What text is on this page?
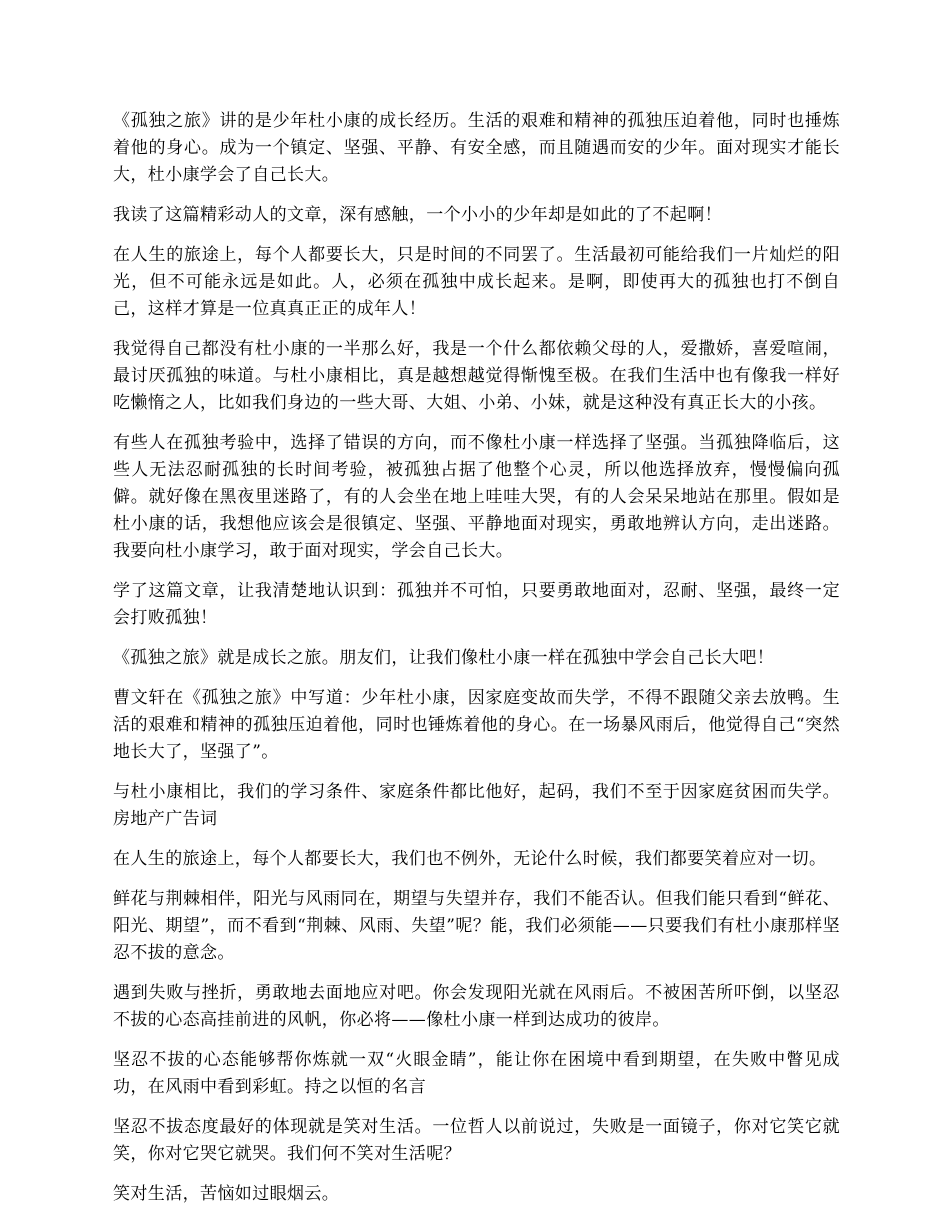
《孤独之旅》讲的是少年杜小康的成长经历。生活的艰难和精神的孤独压迫着他，同时也捶炼着他的身心。成为一个镇定、坚强、平静、有安全感，而且随遇而安的少年。面对现实才能长大，杜小康学会了自己长大。

我读了这篇精彩动人的文章，深有感触，一个小小的少年却是如此的了不起啊！

在人生的旅途上，每个人都要长大，只是时间的不同罢了。生活最初可能给我们一片灿烂的阳光，但不可能永远是如此。人，必须在孤独中成长起来。是啊，即使再大的孤独也打不倒自己，这样才算是一位真真正正的成年人！

我觉得自己都没有杜小康的一半那么好，我是一个什么都依赖父母的人，爱撒娇，喜爱喧闹，最讨厌孤独的味道。与杜小康相比，真是越想越觉得惭愧至极。在我们生活中也有像我一样好吃懒惰之人，比如我们身边的一些大哥、大姐、小弟、小妹，就是这种没有真正长大的小孩。

有些人在孤独考验中，选择了错误的方向，而不像杜小康一样选择了坚强。当孤独降临后，这些人无法忍耐孤独的长时间考验，被孤独占据了他整个心灵，所以他选择放弃，慢慢偏向孤僻。就好像在黑夜里迷路了，有的人会坐在地上哇哇大哭，有的人会呆呆地站在那里。假如是杜小康的话，我想他应该会是很镇定、坚强、平静地面对现实，勇敢地辨认方向，走出迷路。我要向杜小康学习，敢于面对现实，学会自己长大。

学了这篇文章，让我清楚地认识到：孤独并不可怕，只要勇敢地面对，忍耐、坚强，最终一定会打败孤独！

《孤独之旅》就是成长之旅。朋友们，让我们像杜小康一样在孤独中学会自己长大吧！

曹文轩在《孤独之旅》中写道：少年杜小康，因家庭变故而失学，不得不跟随父亲去放鸭。生活的艰难和精神的孤独压迫着他，同时也锤炼着他的身心。在一场暴风雨后，他觉得自己“突然地长大了，坚强了”。

与杜小康相比，我们的学习条件、家庭条件都比他好，起码，我们不至于因家庭贫困而失学。房地产广告词

在人生的旅途上，每个人都要长大，我们也不例外，无论什么时候，我们都要笑着应对一切。

鲜花与荆棘相伴，阳光与风雨同在，期望与失望并存，我们不能否认。但我们能只看到“鲜花、阳光、期望”，而不看到“荆棘、风雨、失望”呢？能，我们必须能——只要我们有杜小康那样坚忍不拔的意念。

遇到失败与挫折，勇敢地去面地应对吧。你会发现阳光就在风雨后。不被困苦所吓倒，以坚忍不拔的心态高挂前进的风帆，你必将——像杜小康一样到达成功的彼岸。

坚忍不拔的心态能够帮你炼就一双“火眼金睛”，能让你在困境中看到期望，在失败中瞥见成功，在风雨中看到彩虹。持之以恒的名言

坚忍不拔态度最好的体现就是笑对生活。一位哲人以前说过，失败是一面镜子，你对它笑它就笑，你对它哭它就哭。我们何不笑对生活呢？

笑对生活，苦恼如过眼烟云。
